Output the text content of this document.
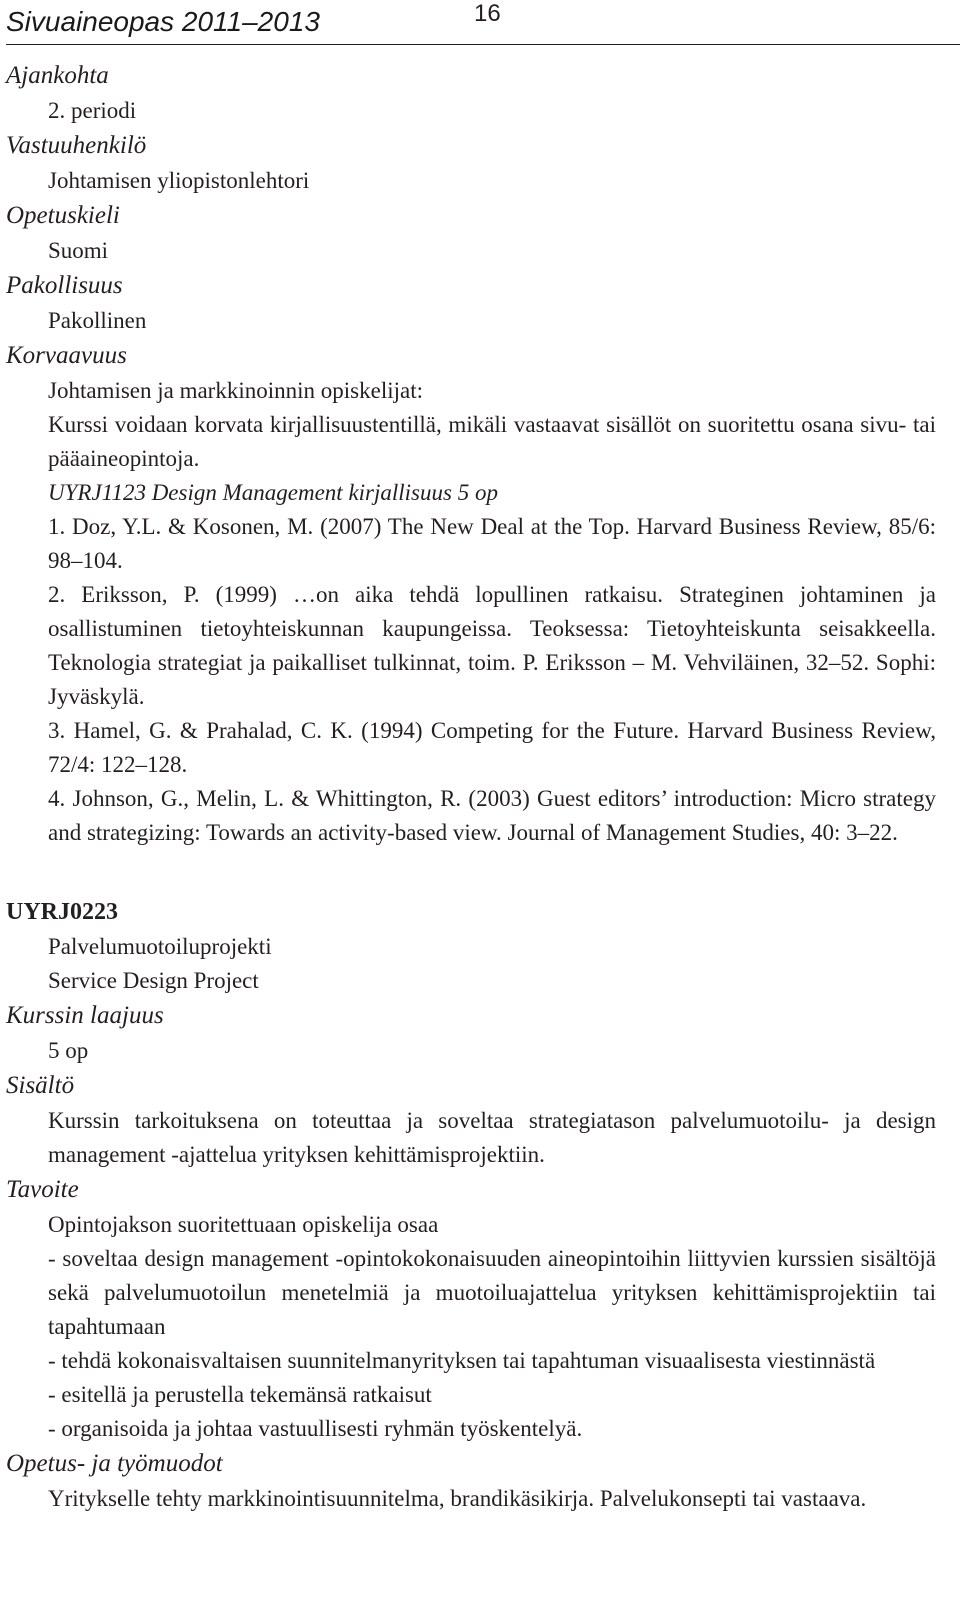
Sivuainеopas 2011–2013	16
Ajankohta
2. periodi
Vastuuhenkilö
Johtamisen yliopistonlehtori
Opetuskieli
Suomi
Pakollisuus
Pakollinen
Korvaavuus
Johtamisen ja markkinoinnin opiskelijat:
Kurssi voidaan korvata kirjallisuustentillä, mikäli vastaavat sisällöt on suoritettu osana sivu- tai pääaineopintoja.
UYRJ1123 Design Management kirjallisuus 5 op
1. Doz, Y.L. & Kosonen, M. (2007) The New Deal at the Top. Harvard Business Review, 85/6: 98–104.
2. Eriksson, P. (1999) …on aika tehdä lopullinen ratkaisu. Strateginen johtaminen ja osallistuminen tietoyhteiskunnan kaupungeissa. Teoksessa: Tietoyhteiskunta seisakkeella. Teknologia strategiat ja paikalliset tulkinnat, toim. P. Eriksson – M. Vehviläinen, 32–52. Sophi: Jyväskylä.
3. Hamel, G. & Prahalad, C. K. (1994) Competing for the Future. Harvard Business Review, 72/4: 122–128.
4. Johnson, G., Melin, L. & Whittington, R. (2003) Guest editors’ introduction: Micro strategy and strategizing: Towards an activity-based view. Journal of Management Studies, 40: 3–22.
UYRJ0223
Palvelumuotoiluprojekti
Service Design Project
Kurssin laajuus
5 op
Sisältö
Kurssin tarkoituksena on toteuttaa ja soveltaa strategiatason palvelumuotoilu- ja design management -ajattelua yrityksen kehittämisprojektiin.
Tavoite
Opintojakson suoritettuaan opiskelija osaa
- soveltaa design management -opintokokonaisuuden aineopintoihin liittyvien kurssien sisältöjä sekä palvelumuotoilun menetelmiä ja muotoiluajattelua yrityksen kehittämisprojektiin tai tapahtumaan
- tehdä kokonaisvaltaisen suunnitelmanyrityksen tai tapahtuman visuaalisesta viestinnästä
- esitellä ja perustella tekemänsä ratkaisut
- organisoida ja johtaa vastuullisesti ryhmän työskentelyä.
Opetus- ja työmuodot
Yritykselle tehty markkinointisuunnitelma, brandikäsikirja. Palvelukonsepti tai vastaava.
